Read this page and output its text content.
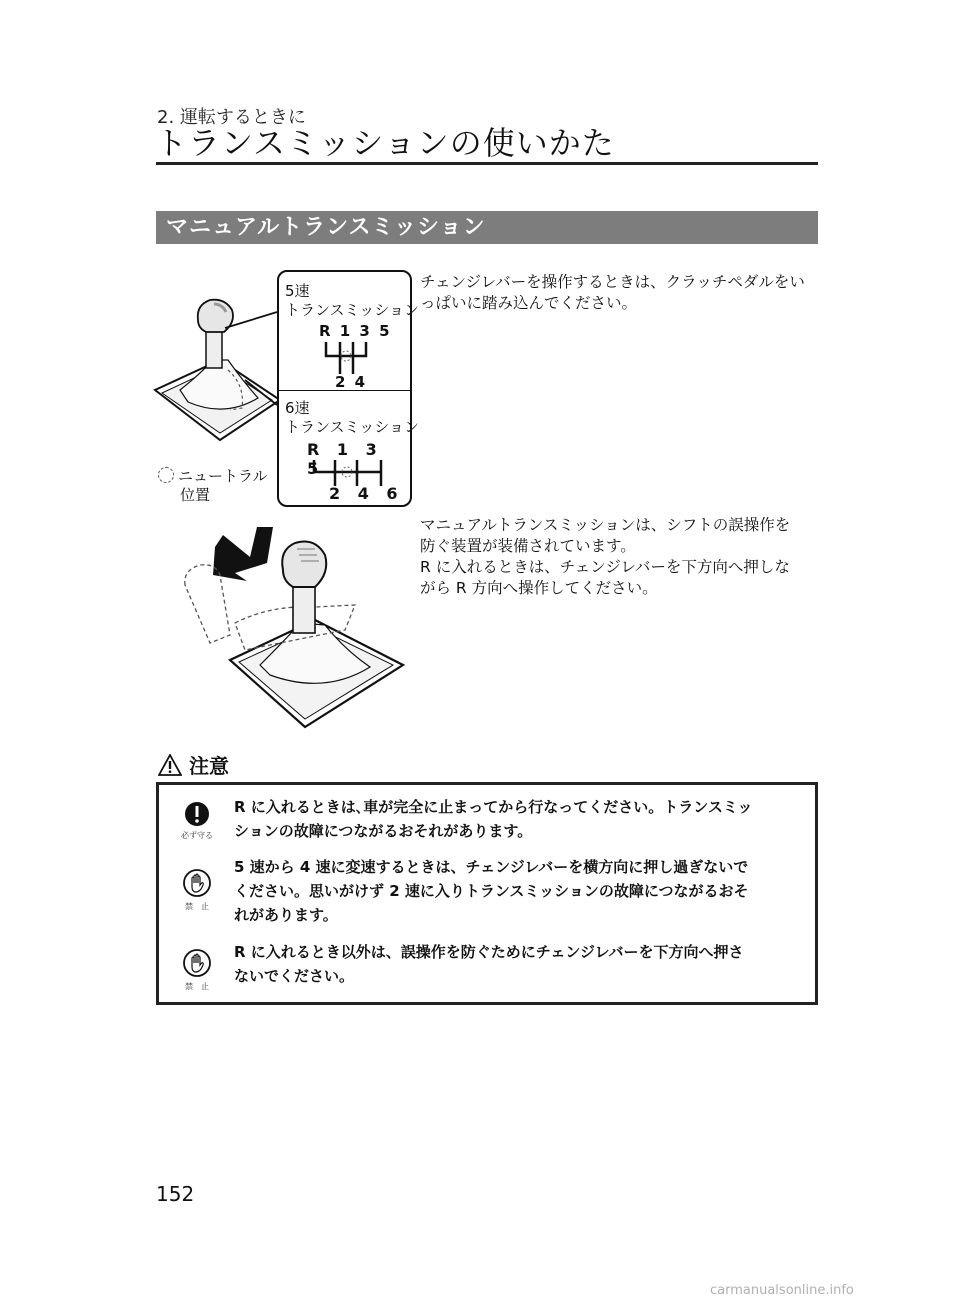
2. 運転するときに
トランスミッションの使いかた
マニュアルトランスミッション
チェンジレバーを操作するときは、クラッチペダルをいっぱいに踏み込んでください。
5速
トランスミッション
R 1 3 5
2 4
6速
トランスミッション
R 1 3 5
2 4 6
ニュートラル
位置
マニュアルトランスミッションは、シフトの誤操作を
防ぐ装置が装備されています。
R に入れるときは、チェンジレバーを下方向へ押しな
がら R 方向へ操作してください。
注意
必ず守る
R に入れるときは､車が完全に止まってから行なってください。トランスミッ
ションの故障につながるおそれがあります。
禁　止
5 速から 4 速に変速するときは、チェンジレバーを横方向に押し過ぎないで
ください。思いがけず 2 速に入りトランスミッションの故障につながるおそ
れがあります。
禁　止
R に入れるとき以外は、誤操作を防ぐためにチェンジレバーを下方向へ押さ
ないでください。
152
carmanualsonline.info
